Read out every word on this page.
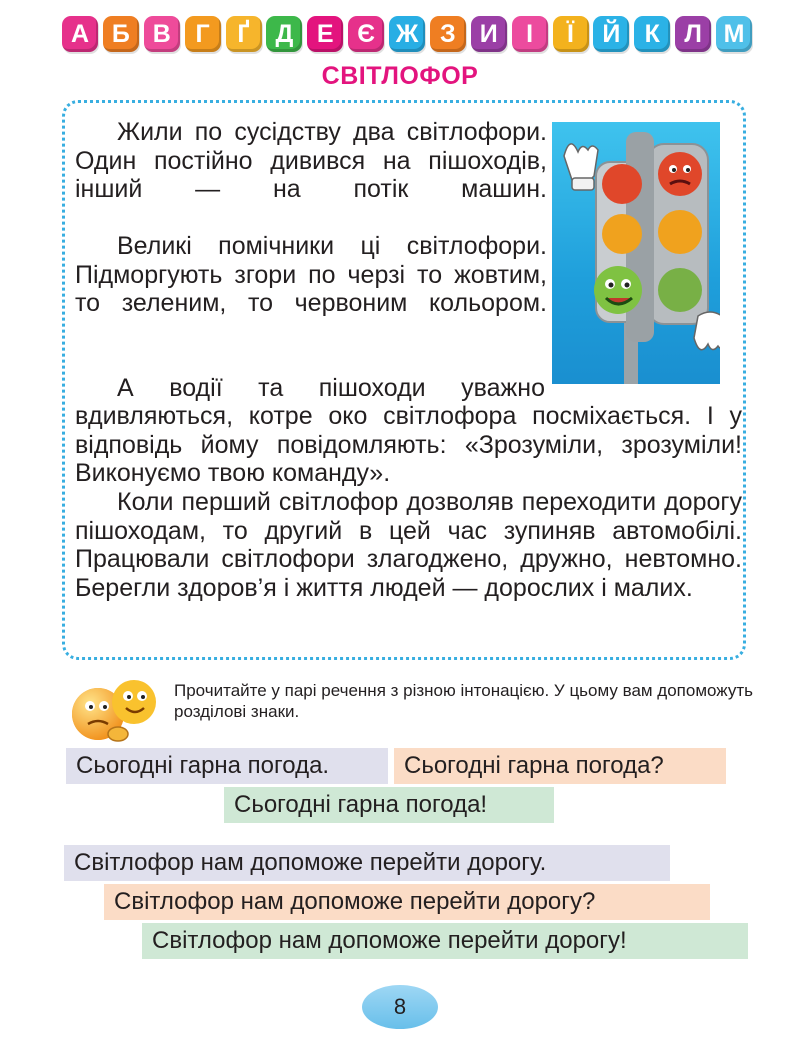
А Б В Г	Ґ	Д Е Є Ж З И	І	Ї	Й К Л М
СВІТЛОФОР

Жили по сусідству два світлофори. Один постійно дивився на пішоходів, інший — на потік машин.

Великі помічники ці світлофори. Підморгують згори по черзі то жовтим, то зеленим, то червоним кольором.

А водії та пішоходи уважно

вдивляються, котре око світлофора посміхається. І у відповідь йому повідомляють: «Зрозуміли, зрозуміли! Виконуємо твою команду».

Коли перший світлофор дозволяв переходити дорогу пішоходам, то другий в цей час зупиняв автомобілі. Працювали світлофори злагоджено, дружно, невтомно. Берегли здоров’я і життя людей — дорослих і малих.

Прочитайте у парі речення з різною інтонацією. У цьому вам допоможуть розділові знаки.

Сьогодні гарна погода.	Сьогодні гарна погода?
Сьогодні гарна погода!
Світлофор нам допоможе перейти дорогу.
Світлофор нам допоможе перейти дорогу?
Світлофор нам допоможе перейти дорогу!
8
